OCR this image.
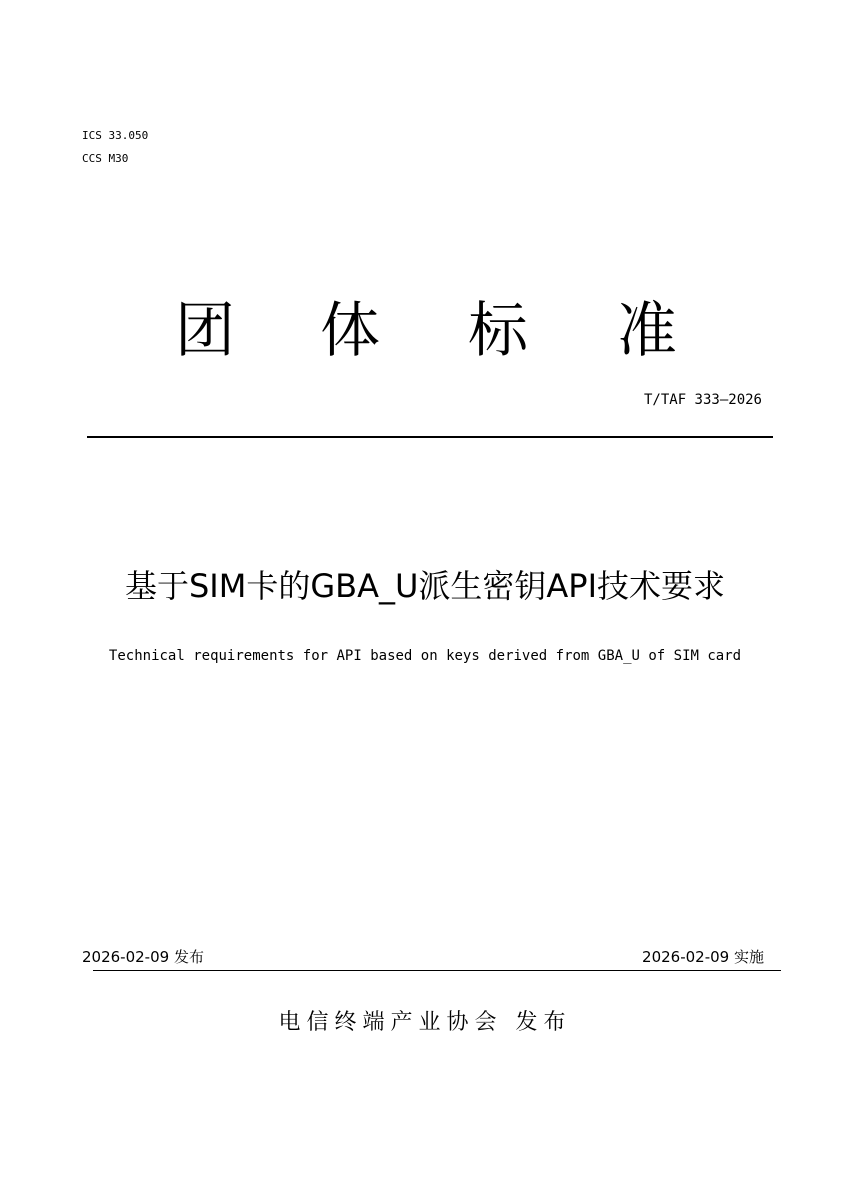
ICS 33.050
CCS M30
团 体 标 准
T/TAF 333—2026
基于SIM卡的GBA_U派生密钥API技术要求
Technical requirements for API based on keys derived from GBA_U of SIM card
2026-02-09 发布	2026-02-09 实施
电信终端产业协会 发布
